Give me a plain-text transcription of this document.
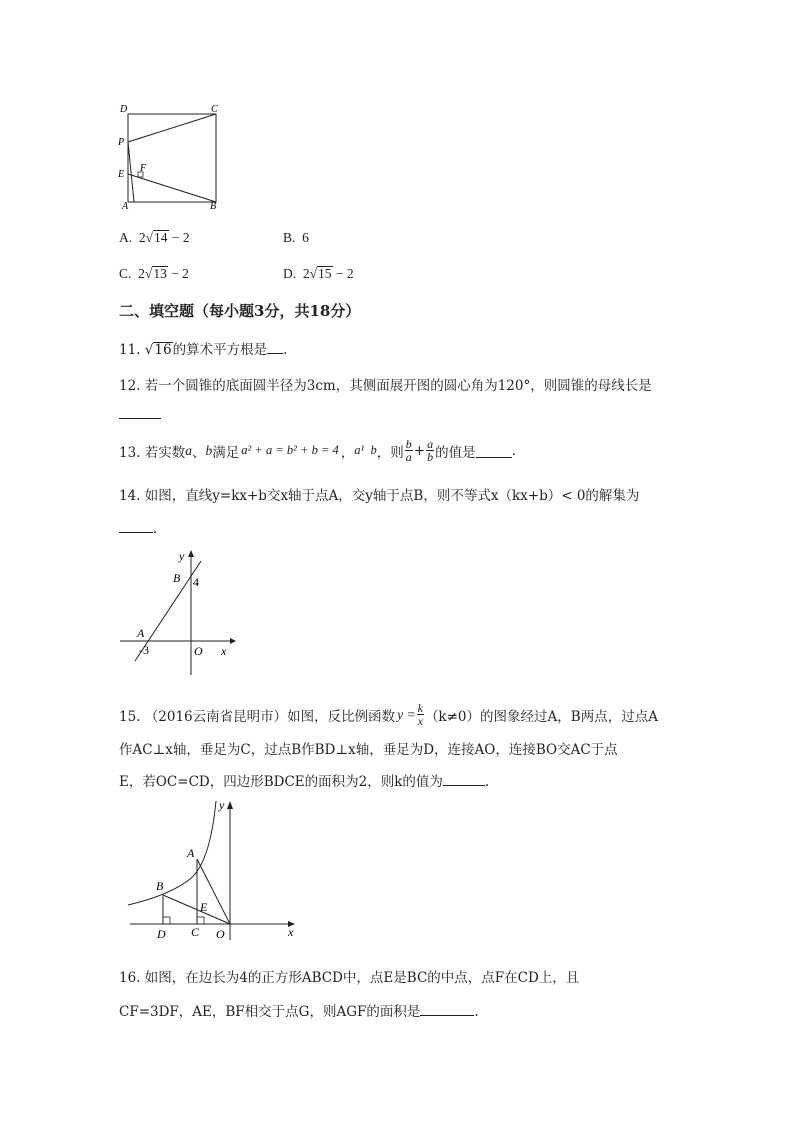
D	C
P
F
E
A	B
A. 2√14 − 2	B. 6
C. 2√13 − 2	D. 2√15 − 2
二、填空题（每小题3分，共18分）
11. √16的算术平方根是 .
12. 若一个圆锥的底面圆半径为3cm，其侧面展开图的圆心角为120°，则圆锥的母线长是
13. 若实数 a 、 b 满足 a² + a = b² + b = 4 ， a¹  b ，则 $\frac{b}{a} + \frac{a}{b}$ 的值是	.
14. 如图，直线y=kx+b交x轴于点A，交y轴于点B，则不等式x（kx+b）< 0的解集为
.
y
B 4
A
-3	O x
15. （2016云南省昆明市）如图，反比例函数 $y = \frac{k}{x} (k\ne 0)$的图象经过A，B两点，过点A
作AC⊥x轴，垂足为C，过点B作BD⊥x轴，垂足为D，连接AO，连接BO交AC于点
E，若OC=CD，四边形BDCE的面积为2，则k的值为	.
y
A
B
E
D C O	x
16. 如图，在边长为4的正方形ABCD中，点E是BC的中点，点F在CD上，且
CF=3DF，AE，BF相交于点G，则AGF的面积是	.
